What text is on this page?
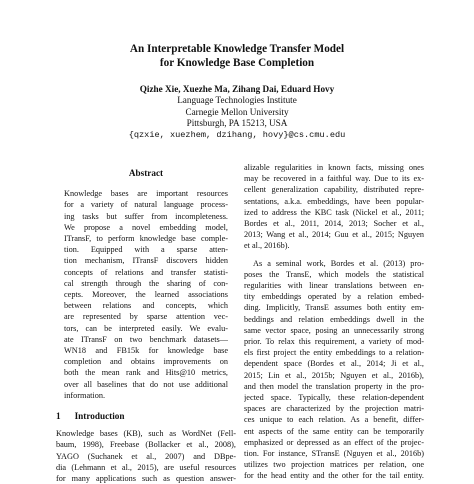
An Interpretable Knowledge Transfer Model
for Knowledge Base Completion
Qizhe Xie, Xuezhe Ma, Zihang Dai, Eduard Hovy
Language Technologies Institute
Carnegie Mellon University
Pittsburgh, PA 15213, USA
{qzxie, xuezhem, dzihang, hovy}@cs.cmu.edu
Abstract
Knowledge bases are important resources
for a variety of natural language process-
ing tasks but suffer from incompleteness.
We propose a novel embedding model,
ITransF, to perform knowledge base comple-
tion. Equipped with a sparse atten-
tion mechanism, ITransF discovers hidden
concepts of relations and transfer statisti-
cal strength through the sharing of con-
cepts. Moreover, the learned associations
between relations and concepts, which
are represented by sparse attention vec-
tors, can be interpreted easily. We evalu-
ate ITransF on two benchmark datasets—
WN18 and FB15k for knowledge base
completion and obtains improvements on
both the mean rank and Hits@10 metrics,
over all baselines that do not use additional
information.
1 Introduction
Knowledge bases (KB), such as WordNet (Fell-
baum, 1998), Freebase (Bollacker et al., 2008),
YAGO (Suchanek et al., 2007) and DBpe-
dia (Lehmann et al., 2015), are useful resources
for many applications such as question answer-
alizable regularities in known facts, missing ones
may be recovered in a faithful way. Due to its ex-
cellent generalization capability, distributed repre-
sentations, a.k.a. embeddings, have been popular-
ized to address the KBC task (Nickel et al., 2011;
Bordes et al., 2011, 2014, 2013; Socher et al.,
2013; Wang et al., 2014; Guu et al., 2015; Nguyen
et al., 2016b).
As a seminal work, Bordes et al. (2013) pro-
poses the TransE, which models the statistical
regularities with linear translations between en-
tity embeddings operated by a relation embed-
ding. Implicitly, TransE assumes both entity em-
beddings and relation embeddings dwell in the
same vector space, posing an unnecessarily strong
prior. To relax this requirement, a variety of mod-
els first project the entity embeddings to a relation-
dependent space (Bordes et al., 2014; Ji et al.,
2015; Lin et al., 2015b; Nguyen et al., 2016b),
and then model the translation property in the pro-
jected space. Typically, these relation-dependent
spaces are characterized by the projection matri-
ces unique to each relation. As a benefit, differ-
ent aspects of the same entity can be temporarily
emphasized or depressed as an effect of the projec-
tion. For instance, STransE (Nguyen et al., 2016b)
utilizes two projection matrices per relation, one
for the head entity and the other for the tail entity.
